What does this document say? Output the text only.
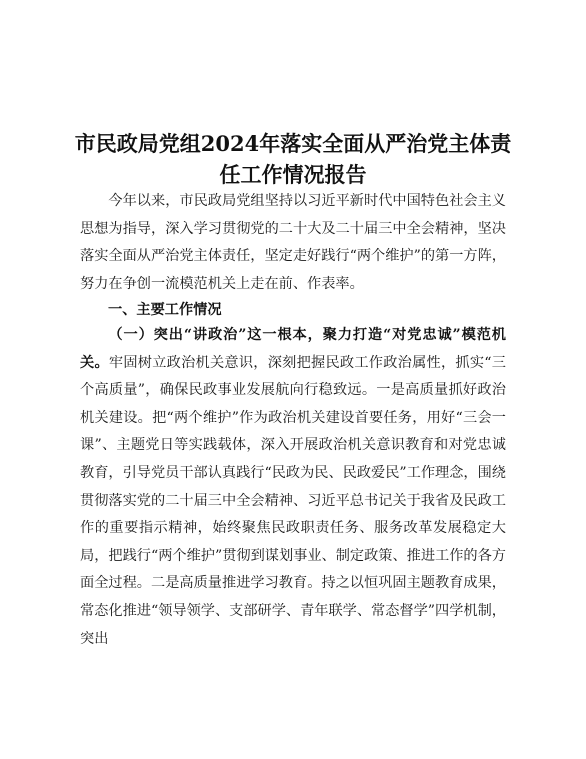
市民政局党组2024年落实全面从严治党主体责任工作情况报告

今年以来，市民政局党组坚持以习近平新时代中国特色社会主义思想为指导，深入学习贯彻党的二十大及二十届三中全会精神，坚决落实全面从严治党主体责任，坚定走好践行“两个维护”的第一方阵，努力在争创一流模范机关上走在前、作表率。

一、主要工作情况

（一）突出“讲政治”这一根本，聚力打造“对党忠诚”模范机关。牢固树立政治机关意识，深刻把握民政工作政治属性，抓实“三个高质量”，确保民政事业发展航向行稳致远。一是高质量抓好政治机关建设。把“两个维护”作为政治机关建设首要任务，用好“三会一课”、主题党日等实践载体，深入开展政治机关意识教育和对党忠诚教育，引导党员干部认真践行“民政为民、民政爱民”工作理念，围绕贯彻落实党的二十届三中全会精神、习近平总书记关于我省及民政工作的重要指示精神，始终聚焦民政职责任务、服务改革发展稳定大局，把践行“两个维护”贯彻到谋划事业、制定政策、推进工作的各方面全过程。二是高质量推进学习教育。持之以恒巩固主题教育成果，常态化推进“领导领学、支部研学、青年联学、常态督学”四学机制，突出
